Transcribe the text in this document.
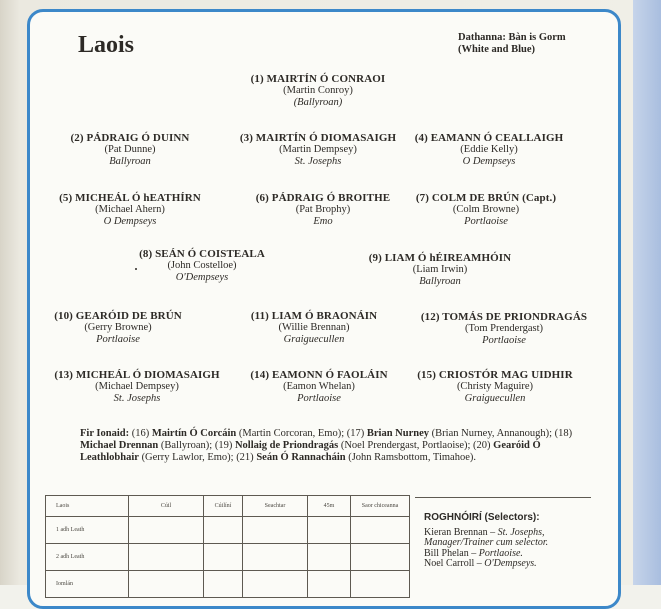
Laois	Dathanna: Bàn is Gorm
(White and Blue)
(1) MAIRTÍN Ó CONRAOI
(Martin Conroy)
(Ballyroan)
(2) PÁDRAIG Ó DUINN
(Pat Dunne)
Ballyroan
(3) MAIRTÍN Ó DIOMASAIGH
(Martin Dempsey)
St. Josephs
(4) EAMANN Ó CEALLAIGH
(Eddie Kelly)
O Dempseys
(5) MICHEÁL Ó hEATHÍRN
(Michael Ahern)
O Dempseys
(6) PÁDRAIG Ó BROITHE
(Pat Brophy)
Emo
(7) COLM DE BRÚN (Capt.)
(Colm Browne)
Portlaoise
(8) SEÁN Ó COISTEALA
(John Costelloe)
O'Dempseys
(9) LIAM Ó hÉIREAMHÓIN
(Liam Irwin)
Ballyroan
(10) GEARÓID DE BRÚN
(Gerry Browne)
Portlaoise
(11) LIAM Ó BRAONÁIN
(Willie Brennan)
Graiguecullen
(12) TOMÁS DE PRIONDRAGÁS
(Tom Prendergast)
Portlaoise
(13) MICHEÁL Ó DIOMASAIGH
(Michael Dempsey)
St. Josephs
(14) EAMONN Ó FAOLÁIN
(Eamon Whelan)
Portlaoise
(15) CRIOSTÓR MAG UIDHIR
(Christy Maguire)
Graiguecullen
Fir Ionaid: (16) Mairtín Ó Corcáin (Martin Corcoran, Emo); (17) Brian Nurney (Brian Nurney, Annanough); (18) Michael Drennan (Ballyroan); (19) Nollaig de Priondragás (Noel Prendergast, Portlaoise); (20) Gearóid Ó Leathlobhair (Gerry Lawlor, Emo); (21) Seán Ó Rannacháin (John Ramsbottom, Timahoe).
Laois	Cúil	Cúilíní	Seachtar	45m	Saor chiceanna
1 adh Leath					
2 adh Leath					
Iomlán					
ROGHNÓIRÍ (Selectors):
Kieran Brennan – St. Josephs,
Manager/Trainer cum selector.
Bill Phelan – Portlaoise.
Noel Carroll – O'Dempseys.
